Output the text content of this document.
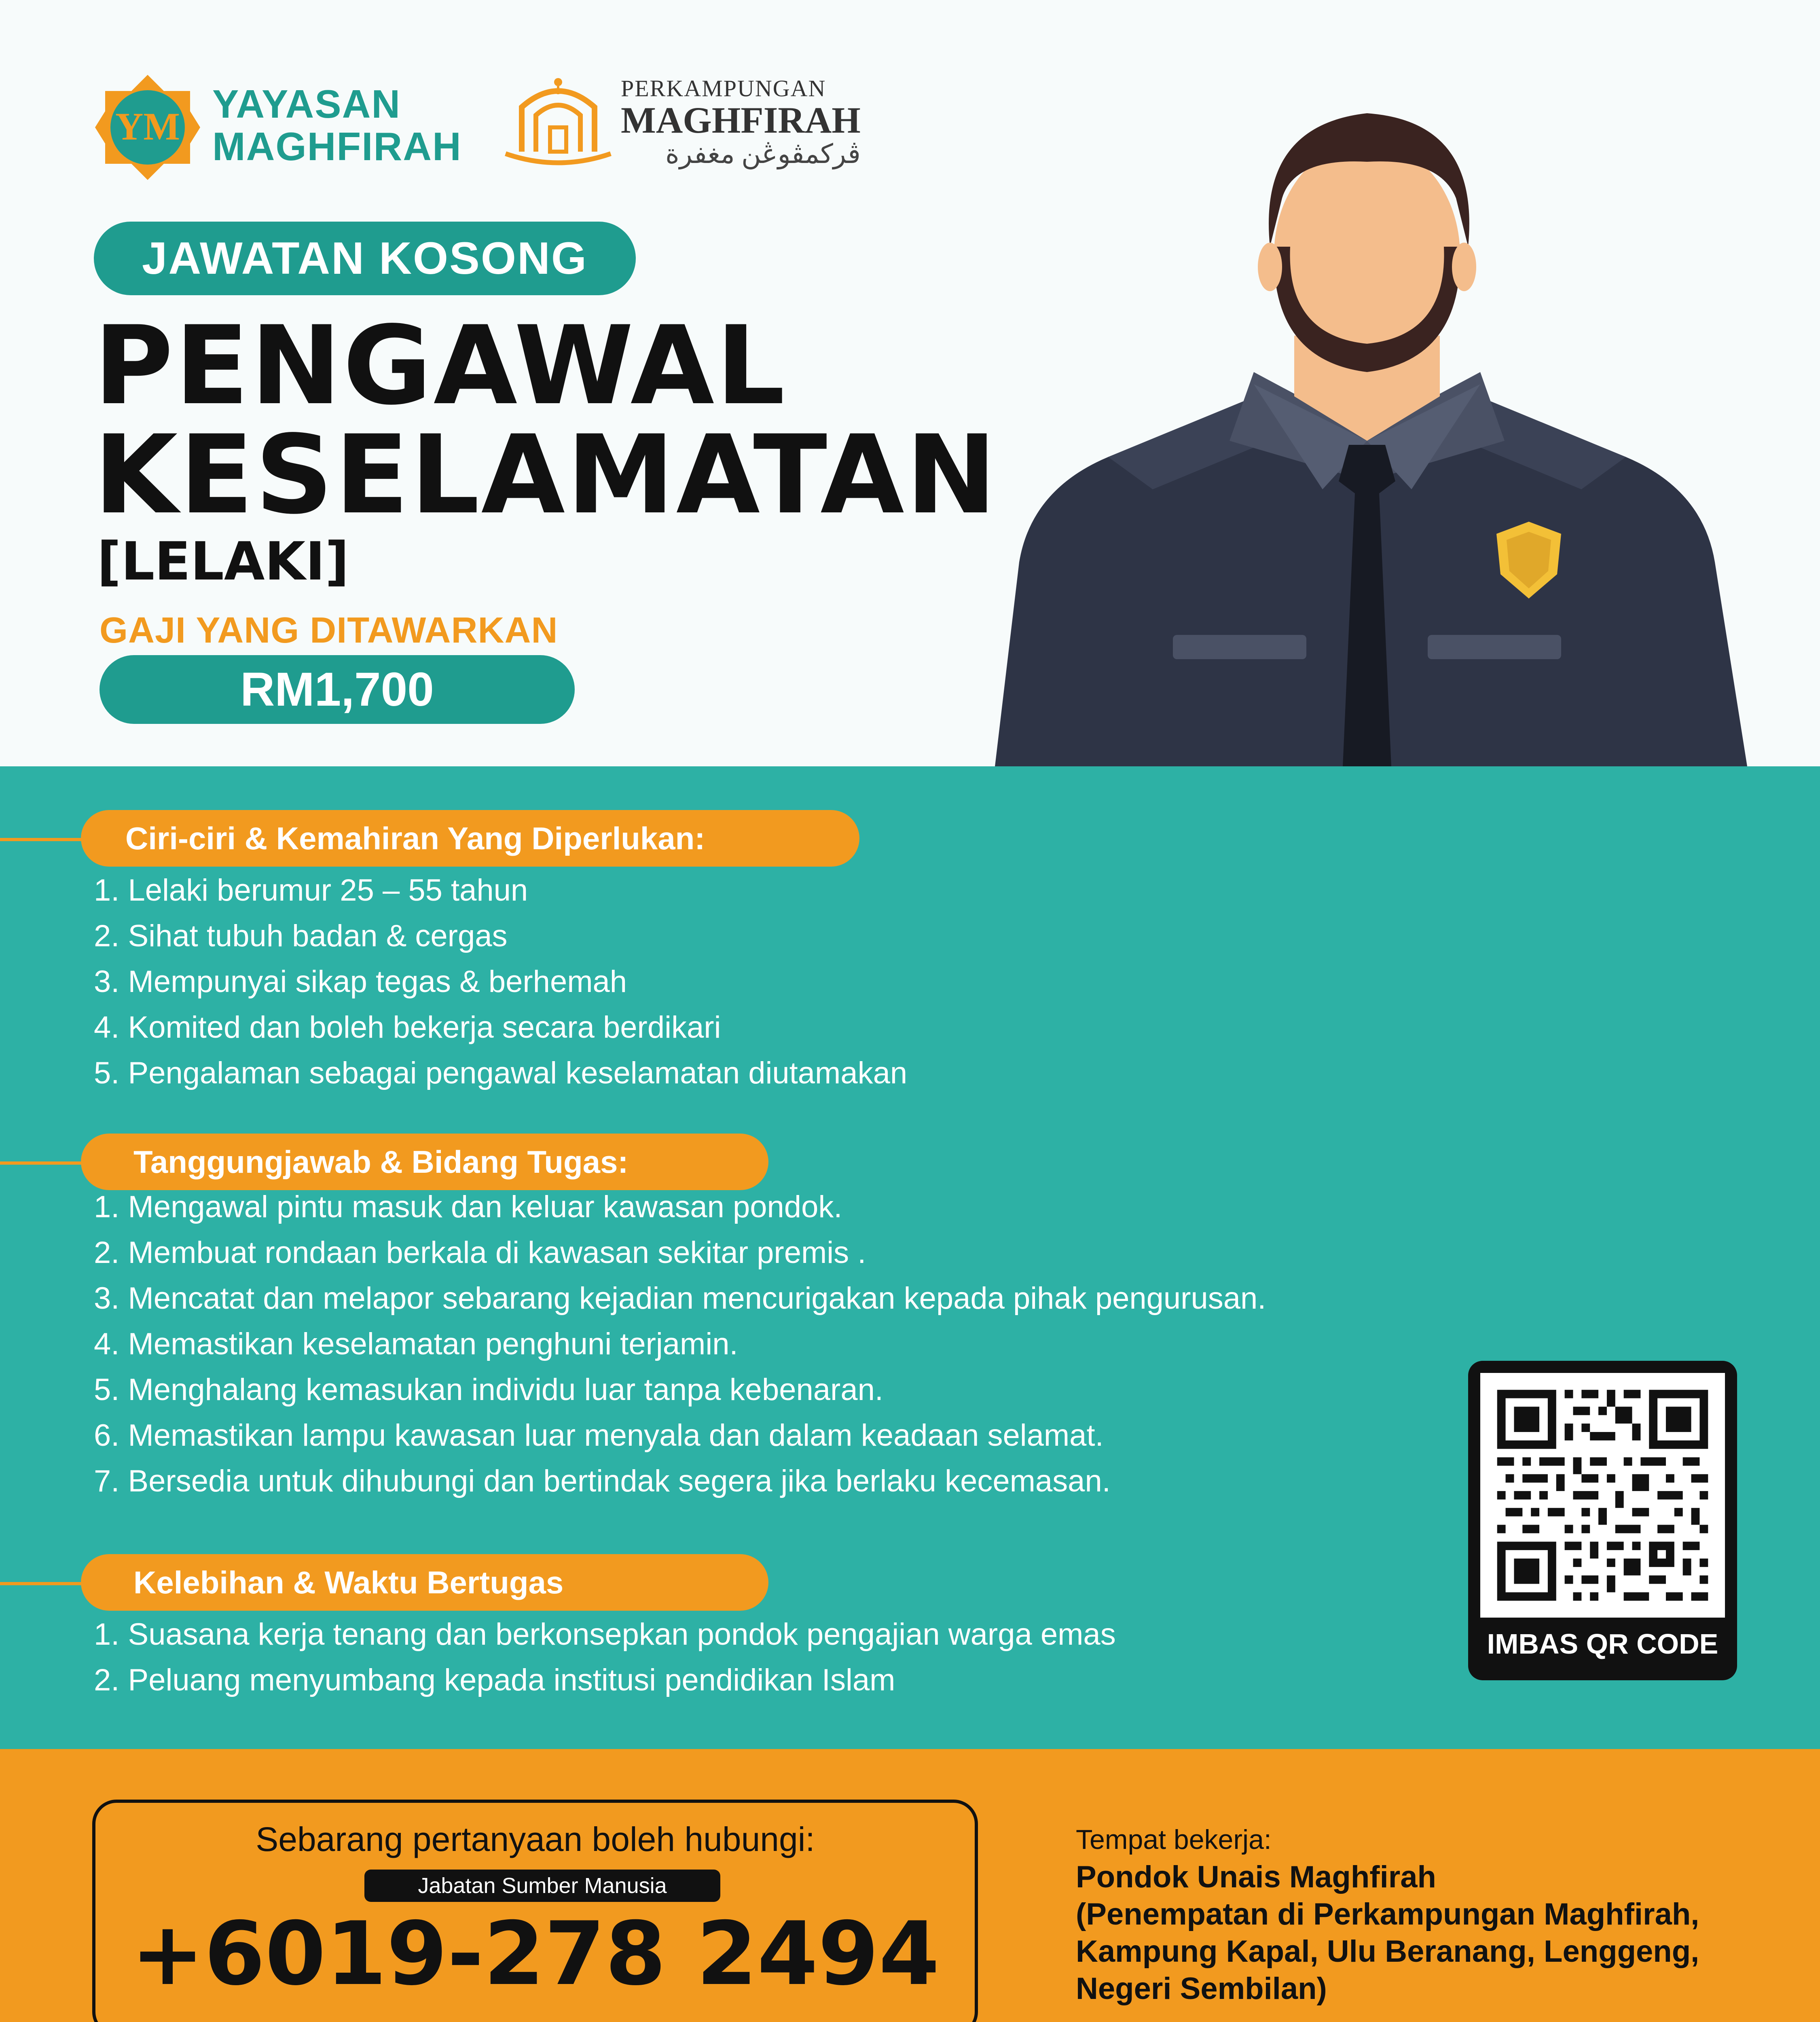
YM
YAYASAN
MAGHFIRAH
PERKAMPUNGAN
MAGHFIRAH
ڤركمڤوڠن مغفرة
JAWATAN KOSONG
PENGAWAL
KESELAMATAN
[LELAKI]
GAJI YANG DITAWARKAN
RM1,700
Ciri-ciri & Kemahiran Yang Diperlukan:
1. Lelaki berumur 25 – 55 tahun
2. Sihat tubuh badan & cergas
3. Mempunyai sikap tegas & berhemah
4. Komited dan boleh bekerja secara berdikari
5. Pengalaman sebagai pengawal keselamatan diutamakan
Tanggungjawab & Bidang Tugas:
1. Mengawal pintu masuk dan keluar kawasan pondok.
2. Membuat rondaan berkala di kawasan sekitar premis .
3. Mencatat dan melapor sebarang kejadian mencurigakan kepada pihak pengurusan.
4. Memastikan keselamatan penghuni terjamin.
5. Menghalang kemasukan individu luar tanpa kebenaran.
6. Memastikan lampu kawasan luar menyala dan dalam keadaan selamat.
7. Bersedia untuk dihubungi dan bertindak segera jika berlaku kecemasan.
Kelebihan & Waktu Bertugas
1. Suasana kerja tenang dan berkonsepkan pondok pengajian warga emas
2. Peluang menyumbang kepada institusi pendidikan Islam
IMBAS QR CODE
Sebarang pertanyaan boleh hubungi:
Jabatan Sumber Manusia
+6019-278 2494
Tempat bekerja:
Pondok Unais Maghfirah
(Penempatan di Perkampungan Maghfirah,
Kampung Kapal, Ulu Beranang, Lenggeng,
Negeri Sembilan)
